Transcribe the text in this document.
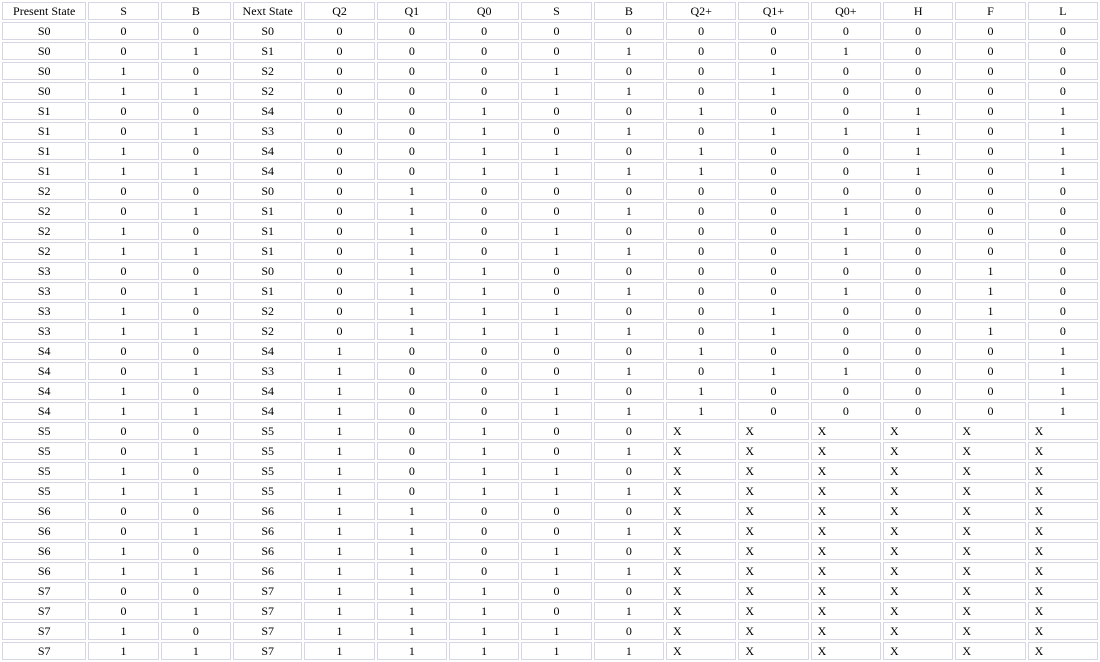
Present State	S	B	Next State	Q2	Q1	Q0	S	B	Q2+	Q1+	Q0+	H	F	L
S0	0	0	S0	0	0	0	0	0	0	0	0	0	0	0
S0	0	1	S1	0	0	0	0	1	0	0	1	0	0	0
S0	1	0	S2	0	0	0	1	0	0	1	0	0	0	0
S0	1	1	S2	0	0	0	1	1	0	1	0	0	0	0
S1	0	0	S4	0	0	1	0	0	1	0	0	1	0	1
S1	0	1	S3	0	0	1	0	1	0	1	1	1	0	1
S1	1	0	S4	0	0	1	1	0	1	0	0	1	0	1
S1	1	1	S4	0	0	1	1	1	1	0	0	1	0	1
S2	0	0	S0	0	1	0	0	0	0	0	0	0	0	0
S2	0	1	S1	0	1	0	0	1	0	0	1	0	0	0
S2	1	0	S1	0	1	0	1	0	0	0	1	0	0	0
S2	1	1	S1	0	1	0	1	1	0	0	1	0	0	0
S3	0	0	S0	0	1	1	0	0	0	0	0	0	1	0
S3	0	1	S1	0	1	1	0	1	0	0	1	0	1	0
S3	1	0	S2	0	1	1	1	0	0	1	0	0	1	0
S3	1	1	S2	0	1	1	1	1	0	1	0	0	1	0
S4	0	0	S4	1	0	0	0	0	1	0	0	0	0	1
S4	0	1	S3	1	0	0	0	1	0	1	1	0	0	1
S4	1	0	S4	1	0	0	1	0	1	0	0	0	0	1
S4	1	1	S4	1	0	0	1	1	1	0	0	0	0	1
S5	0	0	S5	1	0	1	0	0	X	X	X	X	X	X
S5	0	1	S5	1	0	1	0	1	X	X	X	X	X	X
S5	1	0	S5	1	0	1	1	0	X	X	X	X	X	X
S5	1	1	S5	1	0	1	1	1	X	X	X	X	X	X
S6	0	0	S6	1	1	0	0	0	X	X	X	X	X	X
S6	0	1	S6	1	1	0	0	1	X	X	X	X	X	X
S6	1	0	S6	1	1	0	1	0	X	X	X	X	X	X
S6	1	1	S6	1	1	0	1	1	X	X	X	X	X	X
S7	0	0	S7	1	1	1	0	0	X	X	X	X	X	X
S7	0	1	S7	1	1	1	0	1	X	X	X	X	X	X
S7	1	0	S7	1	1	1	1	0	X	X	X	X	X	X
S7	1	1	S7	1	1	1	1	1	X	X	X	X	X	X
